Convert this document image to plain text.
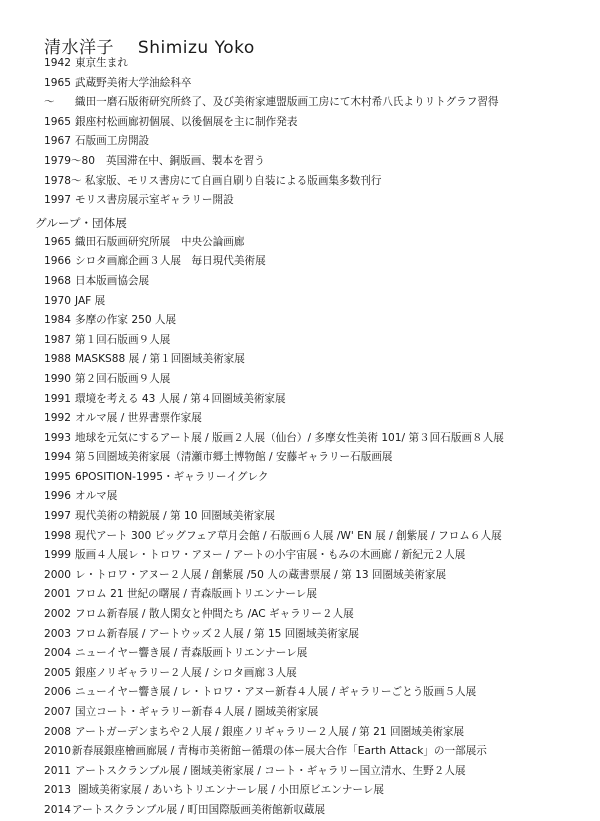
清水洋子 Shimizu Yoko
1942 東京生まれ
1965 武蔵野美術大学油絵科卒
〜 織田一磨石版術研究所終了、及び美術家連盟版画工房にて木村希八氏よりリトグラフ習得
1965 銀座村松画廊初個展、以後個展を主に制作発表
1967 石版画工房開設
1979〜80 英国滞在中、銅版画、製本を習う
1978〜 私家版、モリス書房にて自画自刷り自装による版画集多数刊行
1997 モリス書房展示室ギャラリー開設
グループ・団体展
1965 織田石版画研究所展　中央公論画廊
1966 シロタ画廊企画３人展　毎日現代美術展
1968 日本版画協会展
1970 JAF 展
1984 多摩の作家 250 人展
1987 第１回石版画９人展
1988 MASKS88 展 / 第１回圏域美術家展
1990 第２回石版画９人展
1991 環境を考える 43 人展 / 第４回圏域美術家展
1992 オルマ展 / 世界書票作家展
1993 地球を元気にするアート展 / 版画２人展（仙台）/ 多摩女性美術 101/ 第３回石版画８人展
1994 第５回圏域美術家展（清瀬市郷土博物館 / 安藤ギャラリー石版画展
1995 6POSITION-1995・ギャラリーイグレク
1996 オルマ展
1997 現代美術の精鋭展 / 第 10 回圏域美術家展
1998 現代アート 300 ビッグフェア草月会館 / 石版画６人展 /W' EN 展 / 創紫展 / フロム６人展
1999 版画４人展レ・トロワ・アヌー / アートの小宇宙展・もみの木画廊 / 新紀元２人展
2000 レ・トロワ・アヌー２人展 / 創紫展 /50 人の蔵書票展 / 第 13 回圏域美術家展
2001 フロム 21 世紀の曙展 / 青森版画トリエンナーレ展
2002 フロム新春展 / 散人閑女と仲間たち /AC ギャラリー２人展
2003 フロム新春展 / アートウッズ２人展 / 第 15 回圏域美術家展
2004 ニューイヤー響き展 / 青森版画トリエンナーレ展
2005 銀座ノリギャラリー２人展 / シロタ画廊３人展
2006 ニューイヤー響き展 / レ・トロワ・アヌー新春４人展 / ギャラリーごとう版画５人展
2007 国立コート・ギャラリー新春４人展 / 圏域美術家展
2008 アートガーデンまちや２人展 / 銀座ノリギャラリー２人展 / 第 21 回圏域美術家展
2010 新春展銀座檜画廊展 / 青梅市美術館ー循環の体ー展大合作「Earth Attack」の一部展示
2011 アートスクランブル展 / 圏域美術家展 / コート・ギャラリー国立清水、生野２人展
2013 圏域美術家展 / あいちトリエンナーレ展 / 小田原ビエンナーレ展
2014 アートスクランブル展 / 町田国際版画美術館新収蔵展
